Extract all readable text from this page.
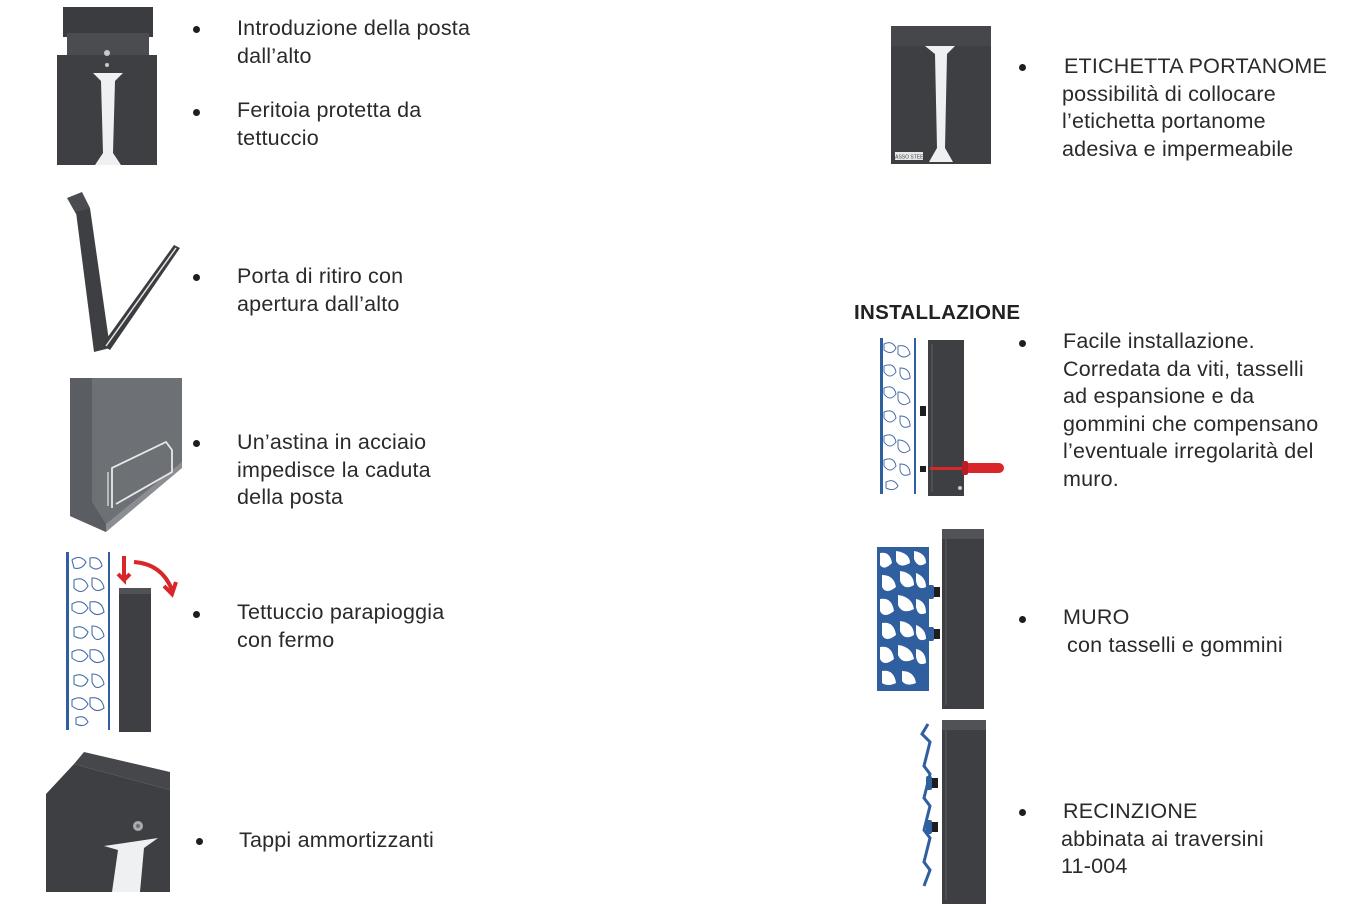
Introduzione della posta
dall’alto
Feritoia protetta da
tettuccio
Porta di ritiro con
apertura dall’alto
Un’astina in acciaio
impedisce la caduta
della posta
Tettuccio parapioggia
con fermo
Tappi ammortizzanti
MASSO STEED
ETICHETTA PORTANOME
possibilità di collocare
l’etichetta portanome
adesiva e impermeabile
INSTALLAZIONE
Facile installazione.
Corredata da viti, tasselli
ad espansione e da
gommini che compensano
l’eventuale irregolarità del
muro.
MURO
con tasselli e gommini
RECINZIONE
abbinata ai traversini
11-004
